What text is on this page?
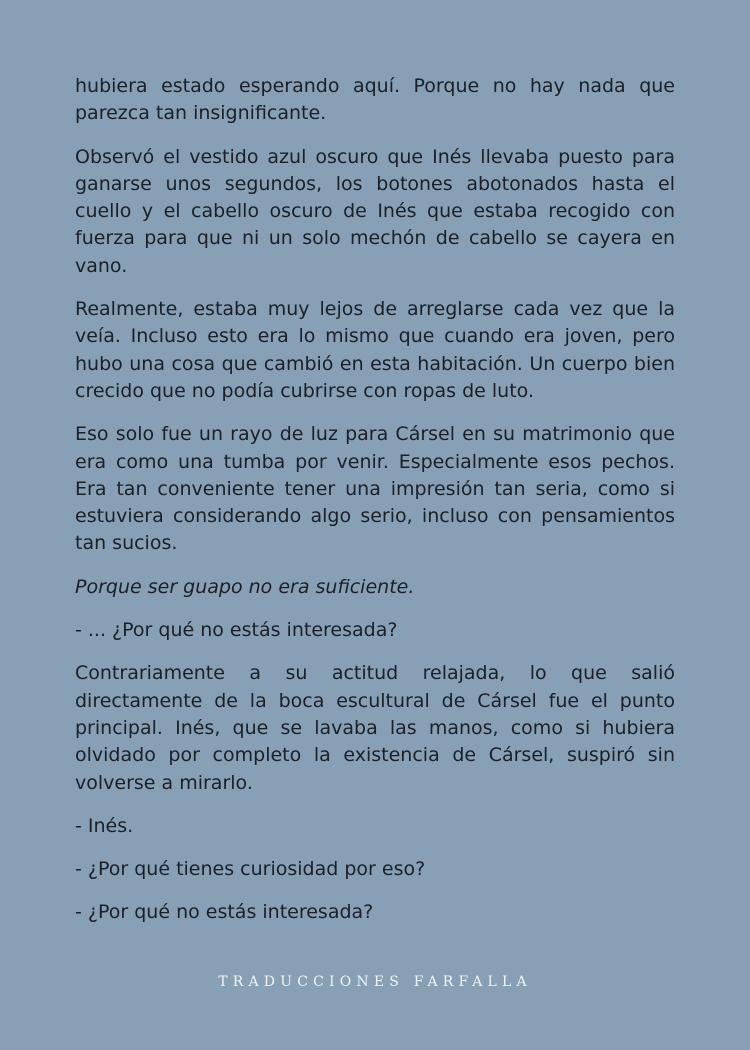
hubiera estado esperando aquí. Porque no hay nada que parezca tan insignificante.

Observó el vestido azul oscuro que Inés llevaba puesto para ganarse unos segundos, los botones abotonados hasta el cuello y el cabello oscuro de Inés que estaba recogido con fuerza para que ni un solo mechón de cabello se cayera en vano.

Realmente, estaba muy lejos de arreglarse cada vez que la veía. Incluso esto era lo mismo que cuando era joven, pero hubo una cosa que cambió en esta habitación. Un cuerpo bien crecido que no podía cubrirse con ropas de luto.

Eso solo fue un rayo de luz para Cársel en su matrimonio que era como una tumba por venir. Especialmente esos pechos. Era tan conveniente tener una impresión tan seria, como si estuviera considerando algo serio, incluso con pensamientos tan sucios.

Porque ser guapo no era suficiente.

- ... ¿Por qué no estás interesada?

Contrariamente a su actitud relajada, lo que salió directamente de la boca escultural de Cársel fue el punto principal. Inés, que se lavaba las manos, como si hubiera olvidado por completo la existencia de Cársel, suspiró sin volverse a mirarlo.

- Inés.

- ¿Por qué tienes curiosidad por eso?

- ¿Por qué no estás interesada?

TRADUCCIONES FARFALLA
